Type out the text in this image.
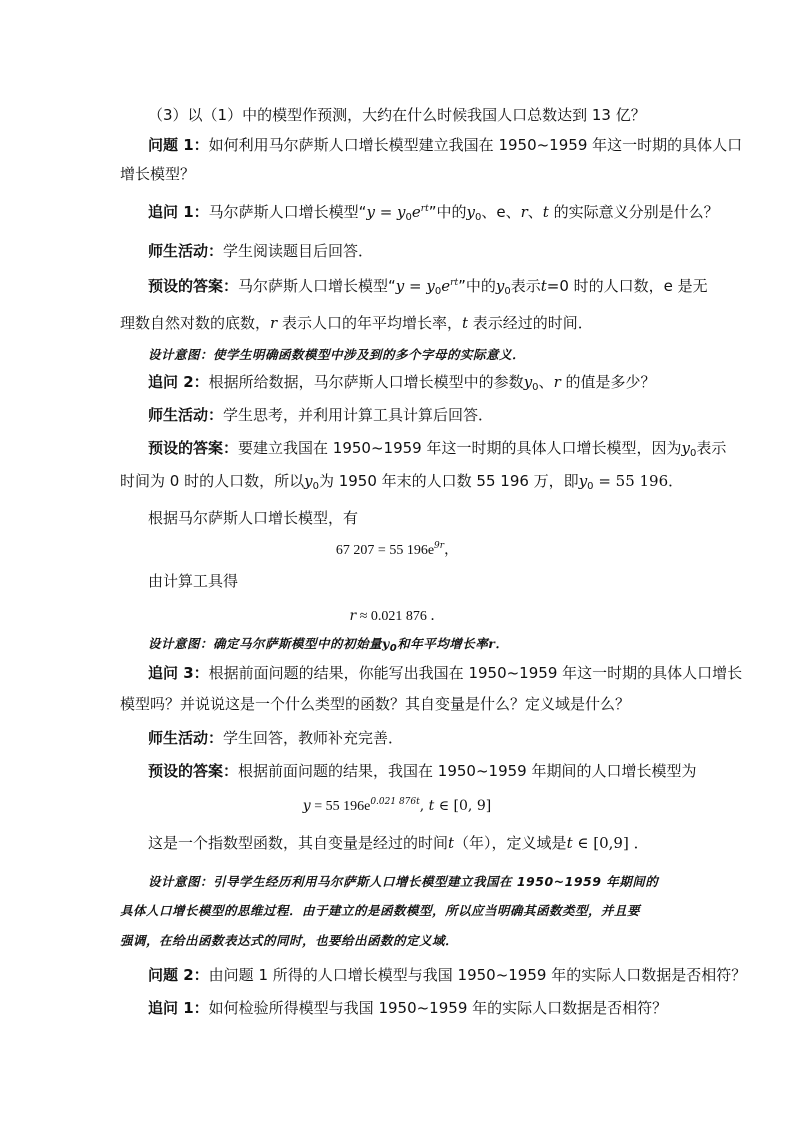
（3）以（1）中的模型作预测，大约在什么时候我国人口总数达到 13 亿？
问题 1：如何利用马尔萨斯人口增长模型建立我国在 1950~1959 年这一时期的具体人口
增长模型？
追问 1：马尔萨斯人口增长模型“$y = y_0e^{rt}$”中的$y_0$、e、r、t 的实际意义分别是什么？
师生活动：学生阅读题目后回答．
预设的答案：马尔萨斯人口增长模型“$y = y_0e^{rt}$”中的$y_0$表示t=0 时的人口数，e 是无
理数自然对数的底数，r 表示人口的年平均增长率，t 表示经过的时间．
设计意图：使学生明确函数模型中涉及到的多个字母的实际意义．
追问 2：根据所给数据，马尔萨斯人口增长模型中的参数$y_0$、r 的值是多少？
师生活动：学生思考，并利用计算工具计算后回答．
预设的答案：要建立我国在 1950~1959 年这一时期的具体人口增长模型，因为$y_0$表示
时间为 0 时的人口数，所以$y_0$为 1950 年末的人口数 55 196 万，即$y_0 = 55$ 196．
根据马尔萨斯人口增长模型，有
67 207 = 55 $196e^{9r}$，
由计算工具得
r ≈ 0.021 876 ．
设计意图：确定马尔萨斯模型中的初始量$y_0$和年平均增长率r．
追问 3：根据前面问题的结果，你能写出我国在 1950~1959 年这一时期的具体人口增长
模型吗？并说说这是一个什么类型的函数？其自变量是什么？定义域是什么？
师生活动：学生回答，教师补充完善．
预设的答案：根据前面问题的结果，我国在 1950~1959 年期间的人口增长模型为
y = 55 $196e^{0.021 876t}$, t ∈ [0, 9]
这是一个指数型函数，其自变量是经过的时间t（年），定义域是t ∈ [0,9] ．
设计意图：引导学生经历利用马尔萨斯人口增长模型建立我国在 1950~1959 年期间的
具体人口增长模型的思维过程．由于建立的是函数模型，所以应当明确其函数类型，并且要
强调，在给出函数表达式的同时，也要给出函数的定义域．
问题 2：由问题 1 所得的人口增长模型与我国 1950~1959 年的实际人口数据是否相符？
追问 1：如何检验所得模型与我国 1950~1959 年的实际人口数据是否相符？
